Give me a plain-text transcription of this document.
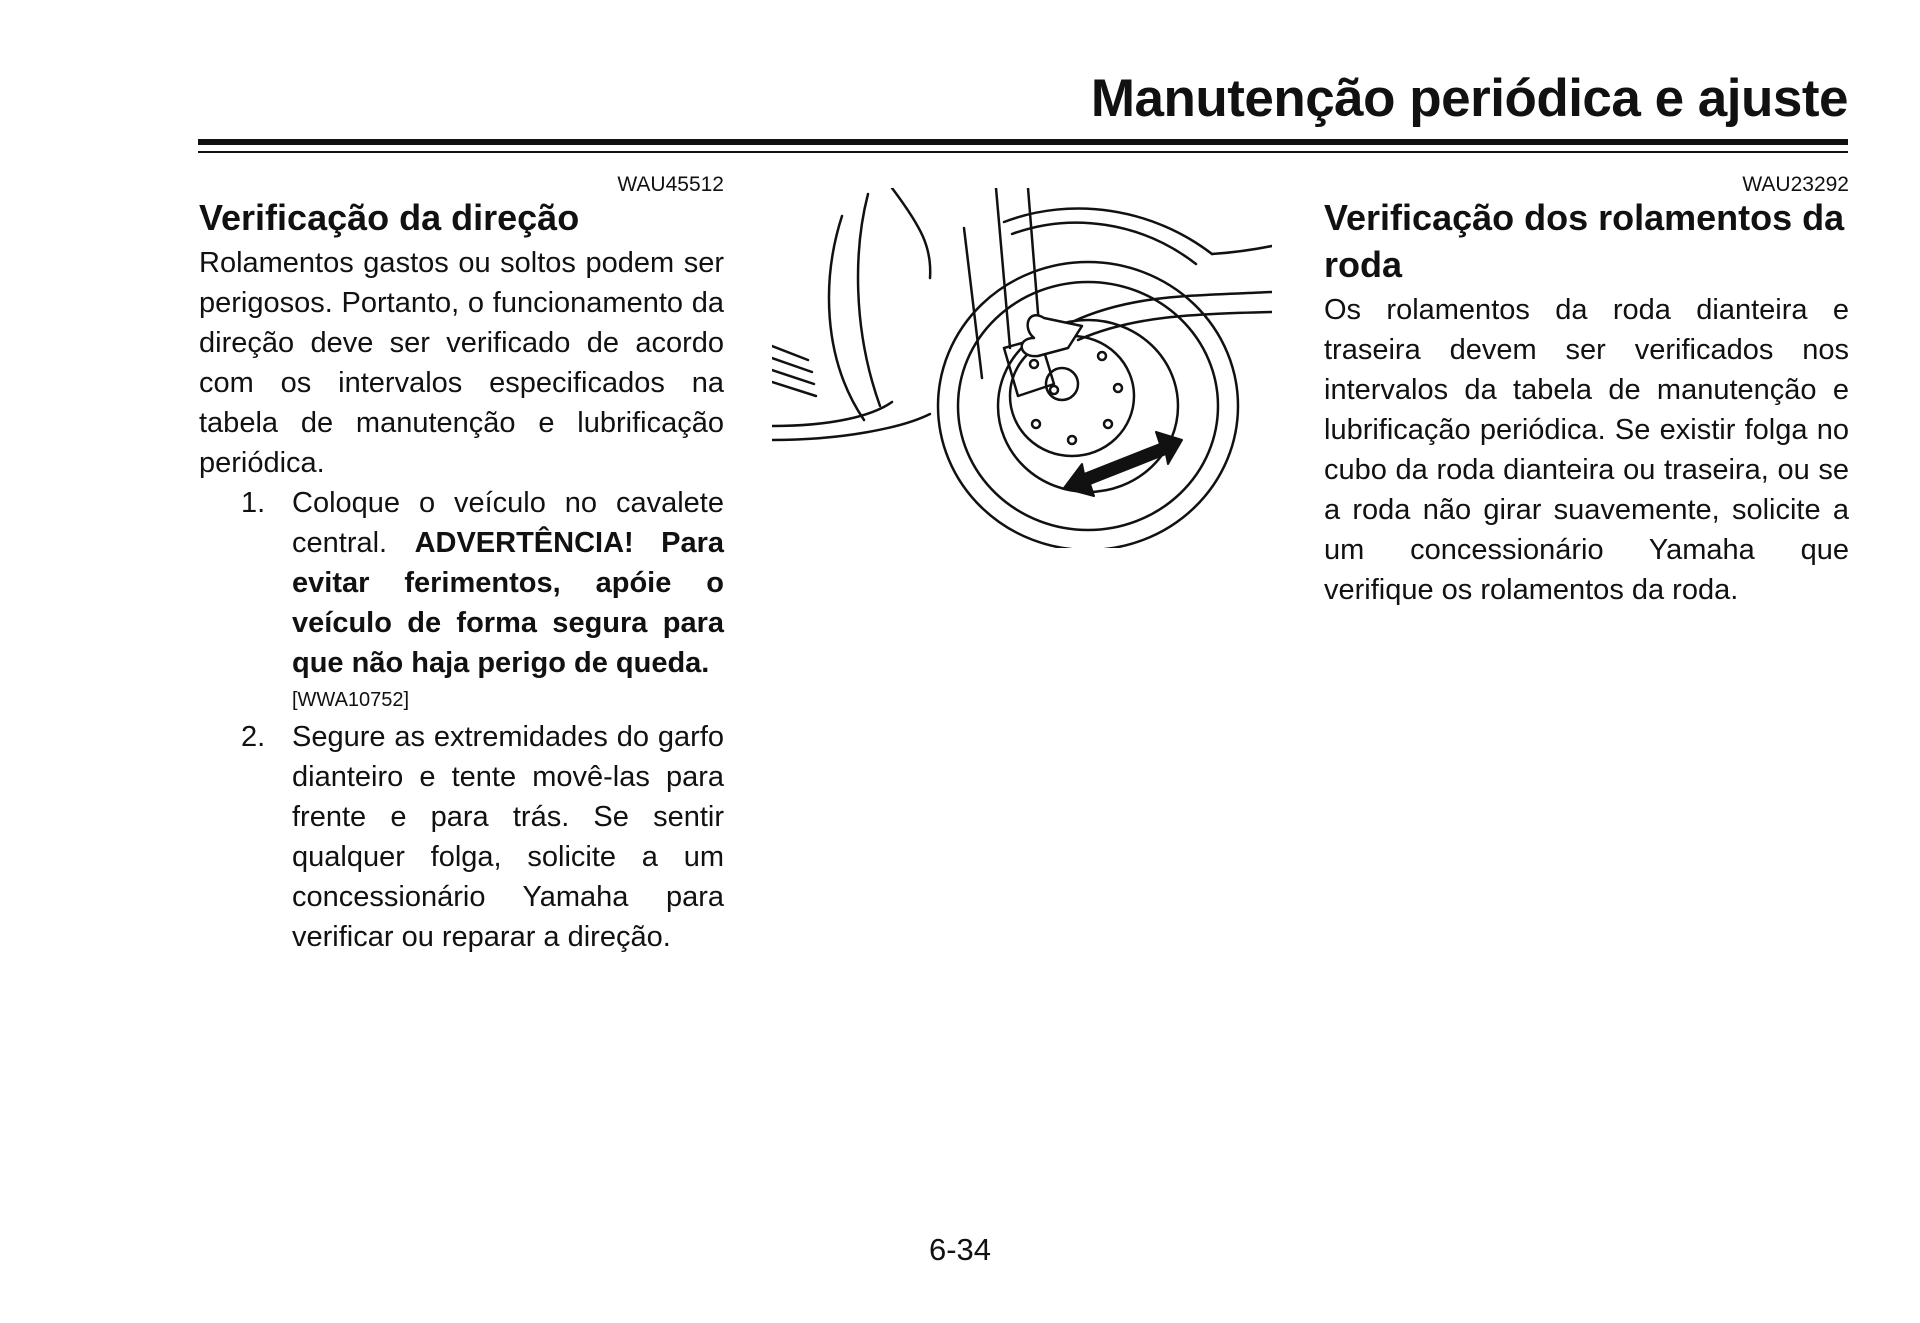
Manutenção periódica e ajuste
WAU45512
Verificação da direção

Rolamentos gastos ou soltos podem ser perigosos. Portanto, o funcionamento da direção deve ser verificado de acordo com os intervalos especificados na tabela de manutenção e lubrificação periódica.

1. Coloque o veículo no cavalete central. ADVERTÊNCIA! Para evitar ferimentos, apóie o veículo de forma segura para que não haja perigo de queda.
[WWA10752]
2. Segure as extremidades do garfo dianteiro e tente movê-las para frente e para trás. Se sentir qualquer folga, solicite a um concessionário Yamaha para verificar ou reparar a direção.
WAU23292
Verificação dos rolamentos da roda

Os rolamentos da roda dianteira e traseira devem ser verificados nos intervalos da tabela de manutenção e lubrificação periódica. Se existir folga no cubo da roda dianteira ou traseira, ou se a roda não girar suavemente, solicite a um concessionário Yamaha que verifique os rolamentos da roda.

6-34
